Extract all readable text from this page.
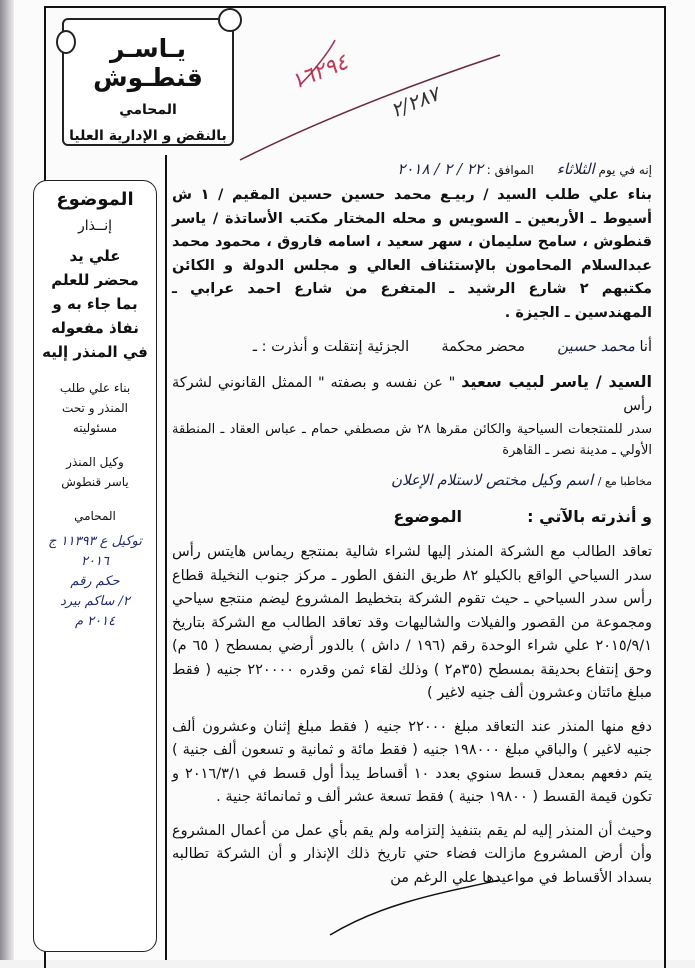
يـاسـر قنطـوش
المحامي
بالنقض و الإدارية العليا
١٦٢٩٤
٢/٢٨٧
إنه في يوم الثلاثاء      الموافق : ٢٢ / ٢ / ٢٠١٨

بناء علي طلب السيد / ربيـع محمد حسين حسين المقيم / ١ ش أسيوط ـ الأربعين ـ السويس و محله المختار مكتب الأساتذة / ياسر قنطوش ، سامح سليمان ، سهر سعيد ، اسامه فاروق ، محمود محمد عبدالسلام المحامون بالإستئناف العالي و مجلس الدولة و الكائن مكتبهم ٢ شارع الرشيد ـ المتفرع من شارع احمد عرابي ـ المهندسين ـ الجيزة .

أنا محمد حسين       محضر محكمة       الجزئية إنتقلت و أنذرت : ـ
السيد / ياسر لبيب سعيد " عن نفسه و بصفته " الممثل القانوني لشركة رأس

سدر للمنتجعات السياحية والكائن مقرها ٢٨ ش مصطفي حمام ـ عباس العقاد ـ المنطقة الأولي ـ مدينة نصر ـ القاهرة

مخاطبا مع / اسم وكيل مختص لاستلام الإعلان
و أنذرته بالآتي :
الموضوع

تعاقد الطالب مع الشركة المنذر إليها لشراء شالية بمنتجع ريماس هايتس رأس سدر السياحي الواقع بالكيلو ٨٢ طريق النفق الطور ـ مركز جنوب النخيلة قطاع رأس سدر السياحي ـ حيث تقوم الشركة بتخطيط المشروع ليضم منتجع سياحي ومجموعة من القصور والفيلات والشاليهات وقد تعاقد الطالب مع الشركة بتاريخ ٢٠١٥/٩/١ علي شراء الوحدة رقم (١٩٦ / داش ) بالدور أرضي بمسطح ( ٦٥ م) وحق إنتفاع بحديقة بمسطح (٣٥م٢ ) وذلك لقاء ثمن وقدره ٢٢٠٠٠٠ جنيه ( فقط مبلغ مائتان وعشرون ألف جنيه لاغير )

دفع منها المنذر عند التعاقد مبلغ ٢٢٠٠٠ جنيه ( فقط مبلغ إثنان وعشرون ألف جنيه لاغير ) والباقي مبلغ ١٩٨٠٠٠ جنيه ( فقط مائة و ثمانية و تسعون ألف جنية ) يتم دفعهم بمعدل قسط سنوي بعدد ١٠ أقساط يبدأ أول قسط في ٢٠١٦/٣/١ و تكون قيمة القسط ( ١٩٨٠٠ جنية ) فقط تسعة عشر ألف و ثمانمائة جنية .

وحيث أن المنذر إليه لم يقم بتنفيذ إلتزامه ولم يقم بأي عمل من أعمال المشروع وأن أرض المشروع مازالت فضاء حتي تاريخ ذلك الإنذار و أن الشركة تطالبه بسداد الأقساط في مواعيدها علي الرغم من

الموضوع
إنــذار
علي يد
محضر للعلم
بما جاء به و
نفاذ مفعوله
في المنذر إليه
بناء علي طلب
المنذر و تحت
مسئوليته
وكيل المنذر
ياسر قنطوش
المحامي
توكيل ع ١١٣٩٣ ج ٢٠١٦
حكم رقم
٢/ ساكم بيرد
٢٠١٤ م
